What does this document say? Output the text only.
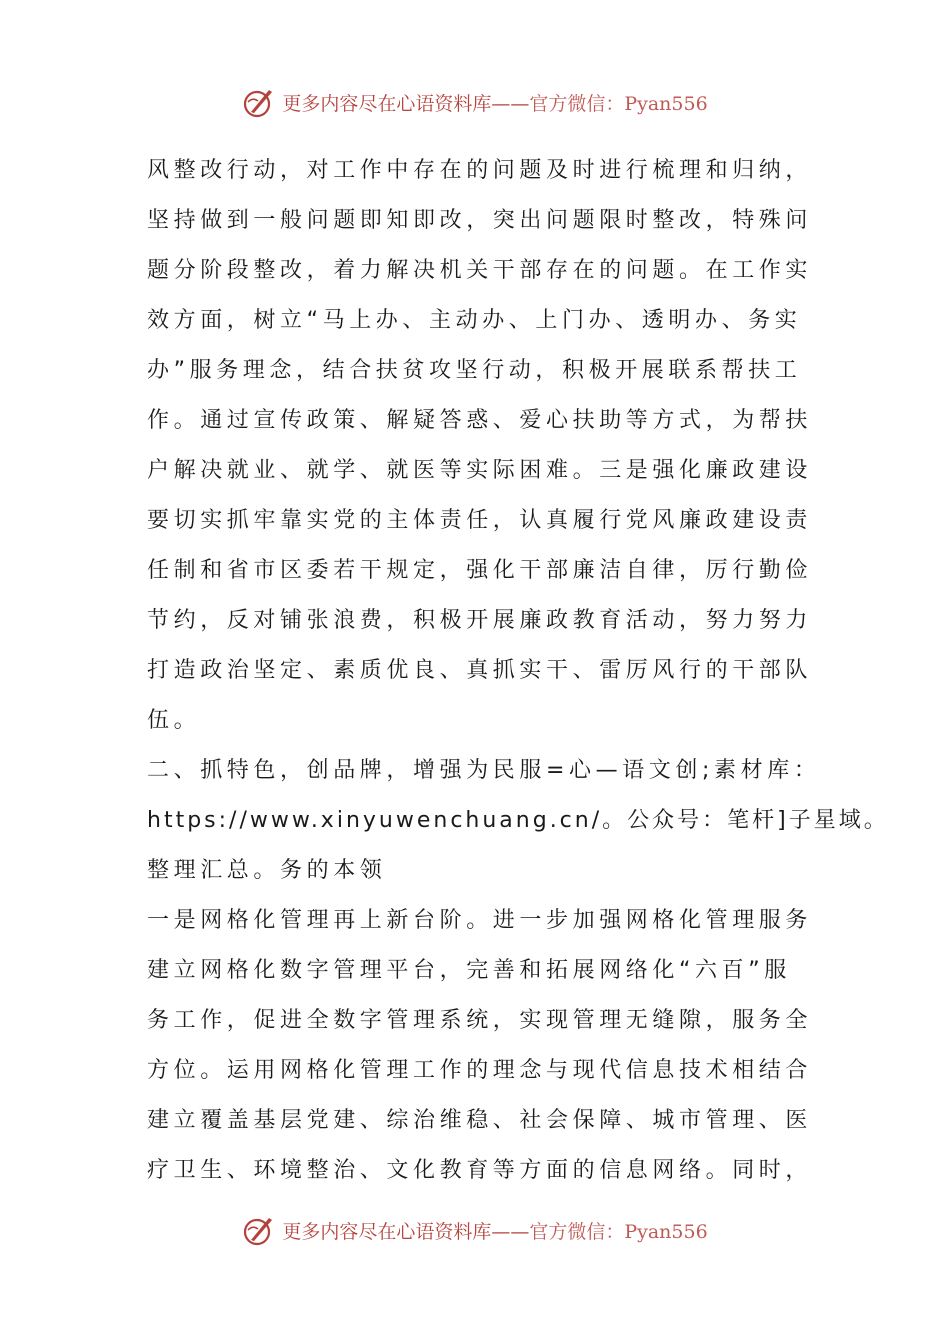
更多内容尽在心语资料库——官方微信：Pyan556
风整改行动，对工作中存在的问题及时进行梳理和归纳，
坚持做到一般问题即知即改，突出问题限时整改，特殊问
题分阶段整改，着力解决机关干部存在的问题。在工作实
效方面，树立“马上办、主动办、上门办、透明办、务实
办”服务理念，结合扶贫攻坚行动，积极开展联系帮扶工
作。通过宣传政策、解疑答惑、爱心扶助等方式，为帮扶
户解决就业、就学、就医等实际困难。三是强化廉政建设
要切实抓牢靠实党的主体责任，认真履行党风廉政建设责
任制和省市区委若干规定，强化干部廉洁自律，厉行勤俭
节约，反对铺张浪费，积极开展廉政教育活动，努力努力
打造政治坚定、素质优良、真抓实干、雷厉风行的干部队
伍。
二、抓特色，创品牌，增强为民服=心—语文创;素材库：
https://www.xinyuwenchuang.cn/。公众号：笔杆]子星域。
整理汇总。务的本领
一是网格化管理再上新台阶。进一步加强网格化管理服务
建立网格化数字管理平台，完善和拓展网络化“六百”服
务工作，促进全数字管理系统，实现管理无缝隙，服务全
方位。运用网格化管理工作的理念与现代信息技术相结合
建立覆盖基层党建、综治维稳、社会保障、城市管理、医
疗卫生、环境整治、文化教育等方面的信息网络。同时，
更多内容尽在心语资料库——官方微信：Pyan556
